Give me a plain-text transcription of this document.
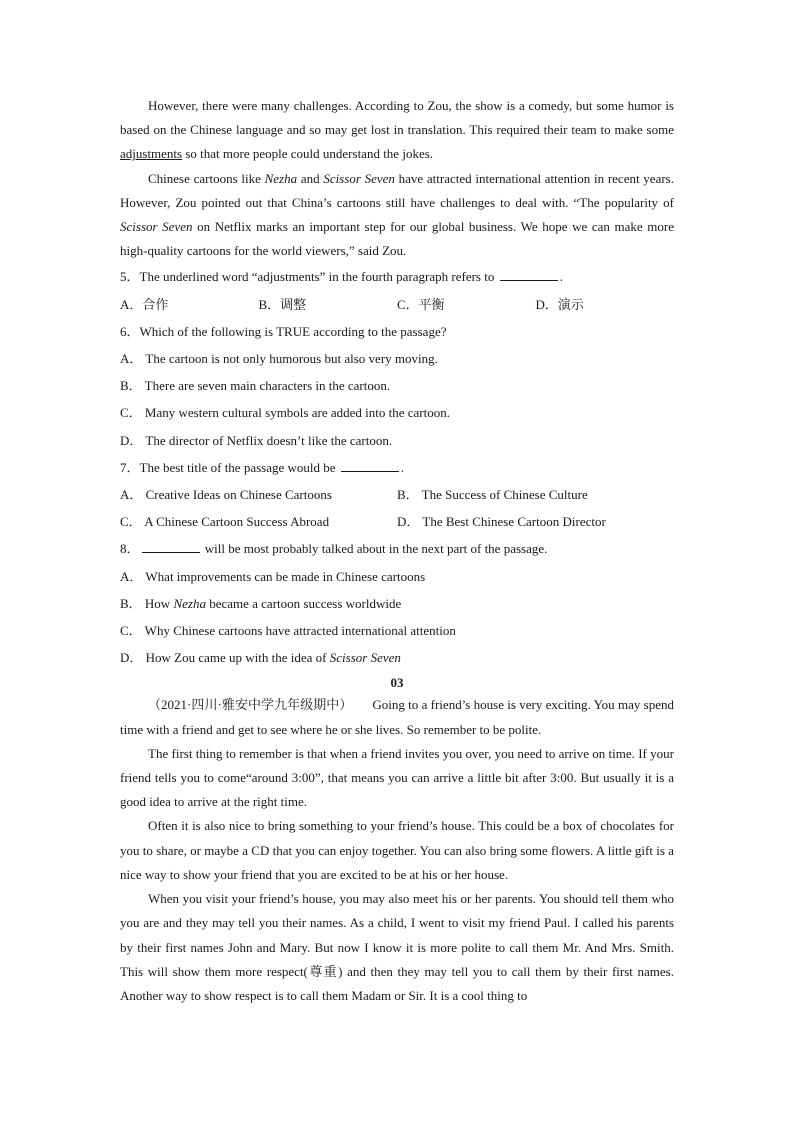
However, there were many challenges. According to Zou, the show is a comedy, but some humor is based on the Chinese language and so may get lost in translation. This required their team to make some adjustments so that more people could understand the jokes.

Chinese cartoons like Nezha and Scissor Seven have attracted international attention in recent years. However, Zou pointed out that China’s cartoons still have challenges to deal with. “The popularity of Scissor Seven on Netflix marks an important step for our global business. We hope we can make more high-quality cartoons for the world viewers,” said Zou.

5．The underlined word “adjustments” in the fourth paragraph refers to	.

A．合作	B．调整	C．平衡	D．演示

6．Which of the following is TRUE according to the passage?

A． The cartoon is not only humorous but also very moving.

B． There are seven main characters in the cartoon.

C． Many western cultural symbols are added into the cartoon.

D． The director of Netflix doesn’t like the cartoon.

7．The best title of the passage would be	.

A． Creative Ideas on Chinese Cartoons	B． The Success of Chinese Culture
C． A Chinese Cartoon Success Abroad	D． The Best Chinese Cartoon Director

8．	will be most probably talked about in the next part of the passage.

A． What improvements can be made in Chinese cartoons

B． How Nezha became a cartoon success worldwide

C． Why Chinese cartoons have attracted international attention

D． How Zou came up with the idea of Scissor Seven

03

（2021·四川·雅安中学九年级期中） Going to a friend’s house is very exciting. You may spend time with a friend and get to see where he or she lives. So remember to be polite.

The first thing to remember is that when a friend invites you over, you need to arrive on time. If your friend tells you to come“around 3:00”, that means you can arrive a little bit after 3:00. But usually it is a good idea to arrive at the right time.

Often it is also nice to bring something to your friend’s house. This could be a box of chocolates for you to share, or maybe a CD that you can enjoy together. You can also bring some flowers. A little gift is a nice way to show your friend that you are excited to be at his or her house.

When you visit your friend’s house, you may also meet his or her parents. You should tell them who you are and they may tell you their names. As a child, I went to visit my friend Paul. I called his parents by their first names John and Mary. But now I know it is more polite to call them Mr. And Mrs. Smith. This will show them more respect(尊重) and then they may tell you to call them by their first names. Another way to show respect is to call them Madam or Sir. It is a cool thing to
